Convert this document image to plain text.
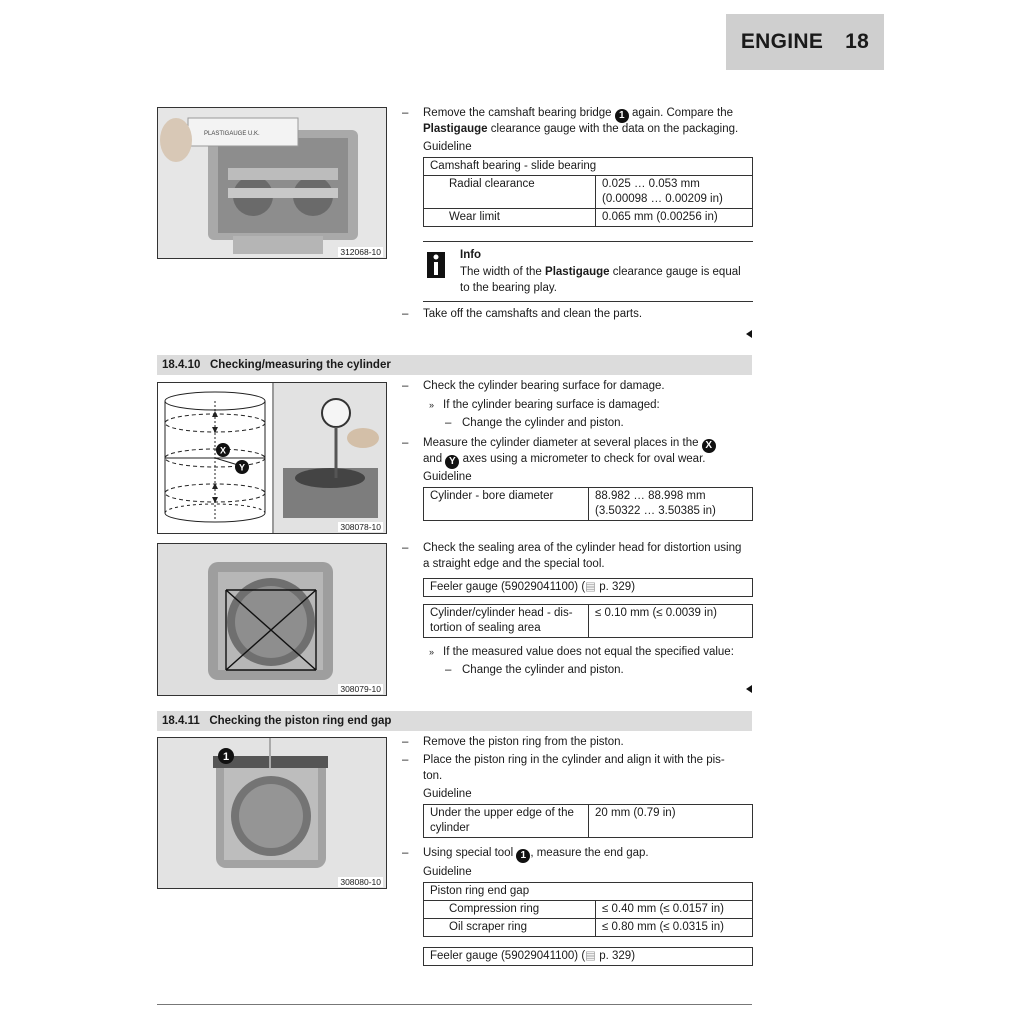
ENGINE 18
PLASTIGAUGE U.K.
312068-10
– Remove the camshaft bearing bridge 1 again. Compare the
Plastigauge clearance gauge with the data on the packaging.
Guideline
Camshaft bearing - slide bearing	
Radial clearance	0.025 … 0.053 mm
(0.00098 … 0.00209 in)
Wear limit	0.065 mm (0.00256 in)
Info
The width of the Plastigauge clearance gauge is equal
to the bearing play.
– Take off the camshafts and clean the parts.
18.4.10 Checking/measuring the cylinder
X
Y
308078-10
– Check the cylinder bearing surface for damage.
» If the cylinder bearing surface is damaged:
– Change the cylinder and piston.
– Measure the cylinder diameter at several places in the X
and Y axes using a micrometer to check for oval wear.
Guideline
Cylinder - bore diameter	88.982 … 88.998 mm
(3.50322 … 3.50385 in)
308079-10
– Check the sealing area of the cylinder head for distortion using
a straight edge and the special tool.
Feeler gauge (59029041100) (▤ p. 329)
Cylinder/cylinder head - dis-
tortion of sealing area	≤ 0.10 mm (≤ 0.0039 in)
» If the measured value does not equal the specified value:
– Change the cylinder and piston.
18.4.11 Checking the piston ring end gap
1
308080-10
– Remove the piston ring from the piston.
– Place the piston ring in the cylinder and align it with the pis-
ton.
Guideline
Under the upper edge of the
cylinder	20 mm (0.79 in)
– Using special tool 1 , measure the end gap.
Guideline
Piston ring end gap	
Compression ring	≤ 0.40 mm (≤ 0.0157 in)
Oil scraper ring	≤ 0.80 mm (≤ 0.0315 in)
Feeler gauge (59029041100) (▤ p. 329)
